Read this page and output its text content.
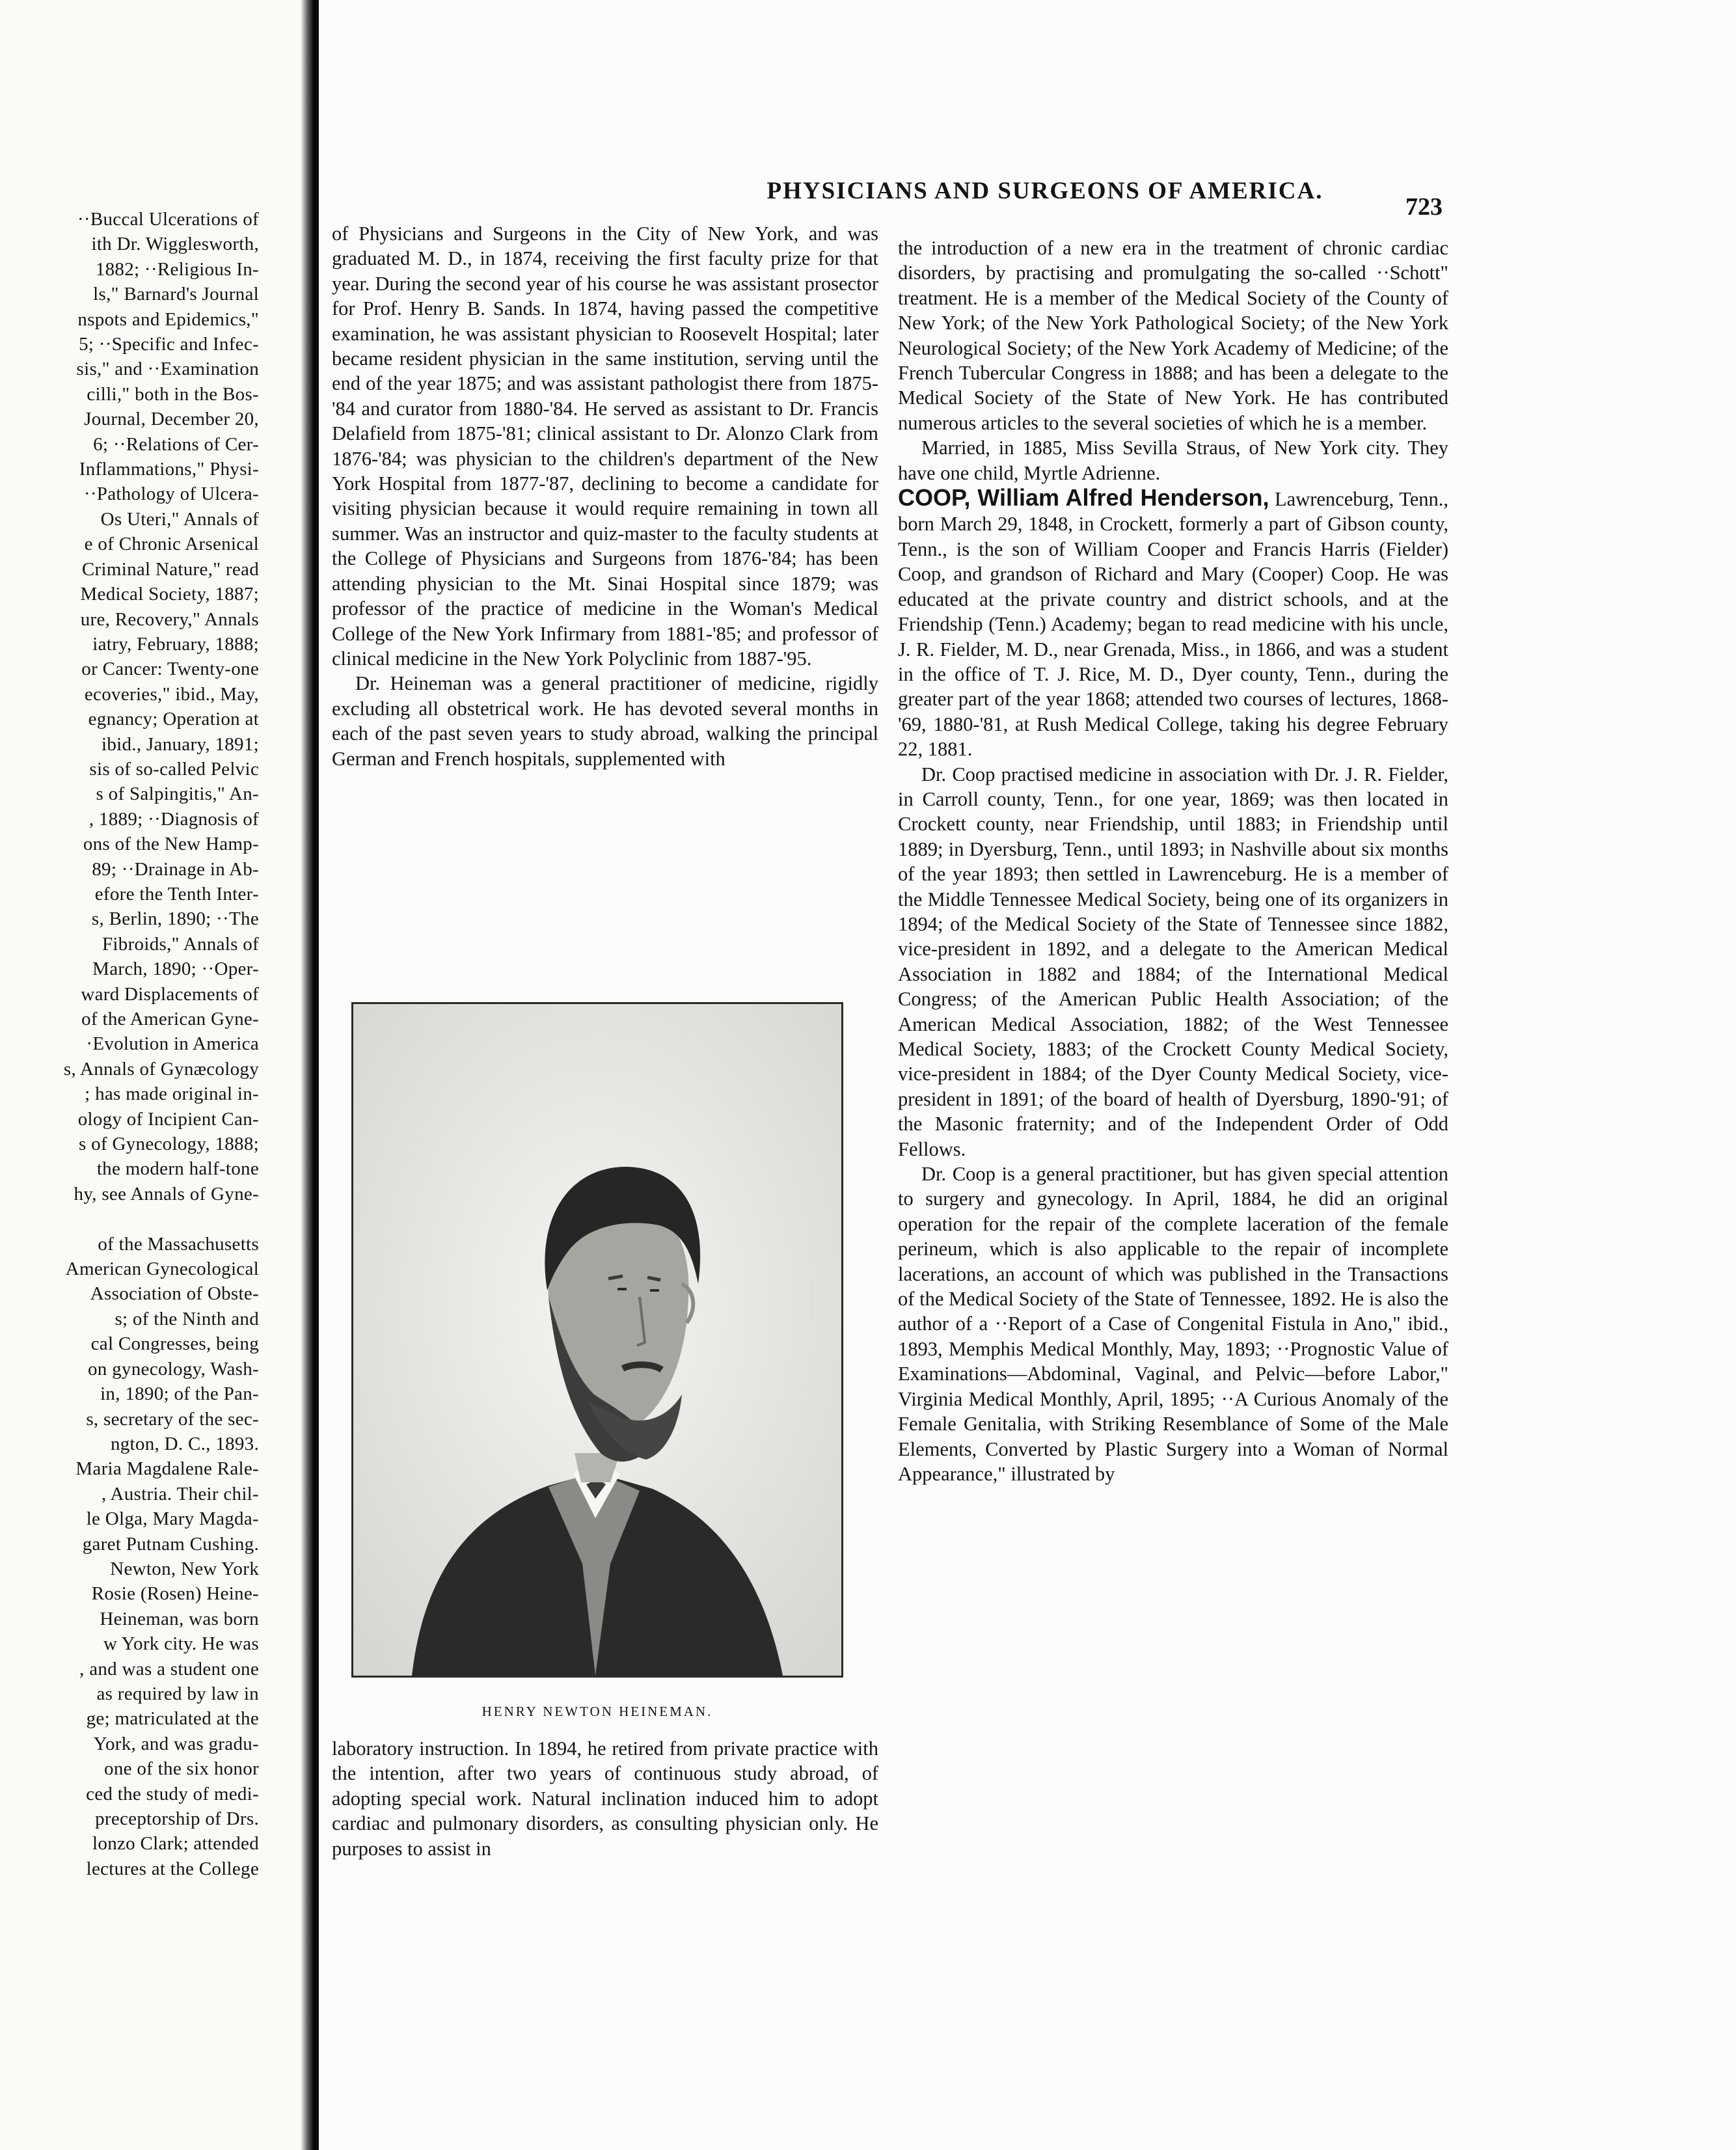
··Buccal Ulcerations of
ith Dr. Wigglesworth,
1882; ··Religious In-
ls," Barnard's Journal
nspots and Epidemics,"
5; ··Specific and Infec-
sis," and ··Examination
cilli," both in the Bos-
Journal, December 20,
6; ··Relations of Cer-
Inflammations," Physi-
··Pathology of Ulcera-
Os Uteri," Annals of
e of Chronic Arsenical
Criminal Nature," read
Medical Society, 1887;
ure, Recovery," Annals
iatry, February, 1888;
or Cancer: Twenty-one
ecoveries," ibid., May,
egnancy; Operation at
ibid., January, 1891;
sis of so-called Pelvic
s of Salpingitis," An-
, 1889; ··Diagnosis of
ons of the New Hamp-
89; ··Drainage in Ab-
efore the Tenth Inter-
s, Berlin, 1890; ··The
Fibroids," Annals of
March, 1890; ··Oper-
ward Displacements of
of the American Gyne-
·Evolution in America
s, Annals of Gynæcology
; has made original in-
ology of Incipient Can-
s of Gynecology, 1888;
the modern half-tone
hy, see Annals of Gyne-

of the Massachusetts
American Gynecological
Association of Obste-
s; of the Ninth and
cal Congresses, being
on gynecology, Wash-
in, 1890; of the Pan-
s, secretary of the sec-
ngton, D. C., 1893.
Maria Magdalene Rale-
, Austria. Their chil-
le Olga, Mary Magda-
garet Putnam Cushing.
Newton, New York
Rosie (Rosen) Heine-
Heineman, was born
w York city. He was
, and was a student one
as required by law in
ge; matriculated at the
York, and was gradu-
one of the six honor
ced the study of medi-
preceptorship of Drs.
lonzo Clark; attended
lectures at the College
PHYSICIANS AND SURGEONS OF AMERICA.
723

of Physicians and Surgeons in the City of New York, and was graduated M. D., in 1874, receiving the first faculty prize for that year. During the second year of his course he was assistant prosector for Prof. Henry B. Sands. In 1874, having passed the competitive examination, he was assistant physician to Roosevelt Hospital; later became resident physician in the same institution, serving until the end of the year 1875; and was assistant pathologist there from 1875-'84 and curator from 1880-'84. He served as assistant to Dr. Francis Delafield from 1875-'81; clinical assistant to Dr. Alonzo Clark from 1876-'84; was physician to the children's department of the New York Hospital from 1877-'87, declining to become a candidate for visiting physician because it would require remaining in town all summer. Was an instructor and quiz-master to the faculty students at the College of Physicians and Surgeons from 1876-'84; has been attending physician to the Mt. Sinai Hospital since 1879; was professor of the practice of medicine in the Woman's Medical College of the New York Infirmary from 1881-'85; and professor of clinical medicine in the New York Polyclinic from 1887-'95.

Dr. Heineman was a general practitioner of medicine, rigidly excluding all obstetrical work. He has devoted several months in each of the past seven years to study abroad, walking the principal German and French hospitals, supplemented with

HENRY NEWTON HEINEMAN.

laboratory instruction. In 1894, he retired from private practice with the intention, after two years of continuous study abroad, of adopting special work. Natural inclination induced him to adopt cardiac and pulmonary disorders, as consulting physician only. He purposes to assist in

the introduction of a new era in the treatment of chronic cardiac disorders, by practising and promulgating the so-called ··Schott" treatment. He is a member of the Medical Society of the County of New York; of the New York Pathological Society; of the New York Neurological Society; of the New York Academy of Medicine; of the French Tubercular Congress in 1888; and has been a delegate to the Medical Society of the State of New York. He has contributed numerous articles to the several societies of which he is a member.

Married, in 1885, Miss Sevilla Straus, of New York city. They have one child, Myrtle Adrienne.

COOP, William Alfred Henderson, Lawrenceburg, Tenn., born March 29, 1848, in Crockett, formerly a part of Gibson county, Tenn., is the son of William Cooper and Francis Harris (Fielder) Coop, and grandson of Richard and Mary (Cooper) Coop. He was educated at the private country and district schools, and at the Friendship (Tenn.) Academy; began to read medicine with his uncle, J. R. Fielder, M. D., near Grenada, Miss., in 1866, and was a student in the office of T. J. Rice, M. D., Dyer county, Tenn., during the greater part of the year 1868; attended two courses of lectures, 1868-'69, 1880-'81, at Rush Medical College, taking his degree February 22, 1881.

Dr. Coop practised medicine in association with Dr. J. R. Fielder, in Carroll county, Tenn., for one year, 1869; was then located in Crockett county, near Friendship, until 1883; in Friendship until 1889; in Dyersburg, Tenn., until 1893; in Nashville about six months of the year 1893; then settled in Lawrenceburg. He is a member of the Middle Tennessee Medical Society, being one of its organizers in 1894; of the Medical Society of the State of Tennessee since 1882, vice-president in 1892, and a delegate to the American Medical Association in 1882 and 1884; of the International Medical Congress; of the American Public Health Association; of the American Medical Association, 1882; of the West Tennessee Medical Society, 1883; of the Crockett County Medical Society, vice-president in 1884; of the Dyer County Medical Society, vice-president in 1891; of the board of health of Dyersburg, 1890-'91; of the Masonic fraternity; and of the Independent Order of Odd Fellows.

Dr. Coop is a general practitioner, but has given special attention to surgery and gynecology. In April, 1884, he did an original operation for the repair of the complete laceration of the female perineum, which is also applicable to the repair of incomplete lacerations, an account of which was published in the Transactions of the Medical Society of the State of Tennessee, 1892. He is also the author of a ··Report of a Case of Congenital Fistula in Ano," ibid., 1893, Memphis Medical Monthly, May, 1893; ··Prognostic Value of Examinations—Abdominal, Vaginal, and Pelvic—before Labor," Virginia Medical Monthly, April, 1895; ··A Curious Anomaly of the Female Genitalia, with Striking Resemblance of Some of the Male Elements, Converted by Plastic Surgery into a Woman of Normal Appearance," illustrated by
